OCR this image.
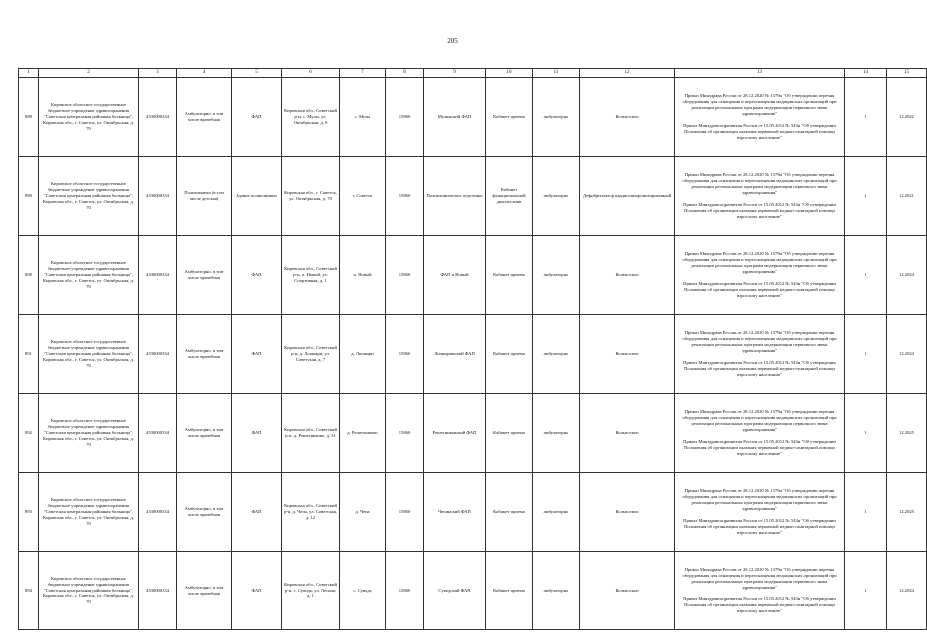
205
1	2	3	4	5	6	7	8	9	10	11	12	13	14	15
888	Кировское областное государственное бюджетное учреждение здравоохранения "Советская центральная районная больница", Кировская обл., г. Советск, ул. Октябрьская, д. 70	4330000334	Амбулаторно, в том числе врачебная	ФАП	Кировская обл., Советский р-н, с. Мулы, ул. Октябрьская, д. 8	с. Мулы	15860	Мулинский ФАП	Кабинет приема	амбулаторно	Кольпоскоп	Приказ Минздрава России от 28.12.2020 № 1379н "Об утверждении перечня оборудования для оснащения и переоснащения медицинских организаций при реализации региональных программ модернизации первичного звена здравоохранения"
Приказ Минздравсоцразвития России от 15.05.2012 № 543н "Об утверждении Положения об организации оказания первичной медико-санитарной помощи взрослому населению"	1	12.2022
889	Кировское областное государственное бюджетное учреждение здравоохранения "Советская центральная районная больница", Кировская обл., г. Советск, ул. Октябрьская, д. 70	4330000334	Поликлиника (в том числе детская)	Здание поликлиники	Кировская обл., г. Советск, ул. Октябрьская, д. 70	г. Советск	15860	Поликлиническое отделение	Кабинет функциональной диагностики	амбулаторно	Дефибриллятор кардиосинхронизированный	Приказ Минздрава России от 28.12.2020 № 1379н "Об утверждении перечня оборудования для оснащения и переоснащения медицинских организаций при реализации региональных программ модернизации первичного звена здравоохранения"
Приказ Минздравсоцразвития России от 15.05.2012 № 543н "Об утверждении Положения об организации оказания первичной медико-санитарной помощи взрослому населению"	1	12.2021
890	Кировское областное государственное бюджетное учреждение здравоохранения "Советская центральная районная больница", Кировская обл., г. Советск, ул. Октябрьская, д. 70	4330000334	Амбулаторно, в том числе врачебная	ФАП	Кировская обл., Советский р-н, п. Новый, ул. Спортивная, д. 1	п. Новый	15860	ФАП п.Новый	Кабинет приема	амбулаторно	Кольпоскоп	Приказ Минздрава России от 28.12.2020 № 1379н "Об утверждении перечня оборудования для оснащения и переоснащения медицинских организаций при реализации региональных программ модернизации первичного звена здравоохранения"
Приказ Минздравсоцразвития России от 15.05.2012 № 543н "Об утверждении Положения об организации оказания первичной медико-санитарной помощи взрослому населению"	1	12.2024
891	Кировское областное государственное бюджетное учреждение здравоохранения "Советская центральная районная больница", Кировская обл., г. Советск, ул. Октябрьская, д. 70	4330000334	Амбулаторно, в том числе врачебная	ФАП	Кировская обл., Советский р-н, д. Лошкари, ул. Советская, д. 7	д. Лошкари	15860	Лошкаринский ФАП	Кабинет приема	амбулаторно	Кольпоскоп	Приказ Минздрава России от 28.12.2020 № 1379н "Об утверждении перечня оборудования для оснащения и переоснащения медицинских организаций при реализации региональных программ модернизации первичного звена здравоохранения"
Приказ Минздравсоцразвития России от 15.05.2012 № 543н "Об утверждении Положения об организации оказания первичной медико-санитарной помощи взрослому населению"	1	12.2024
892	Кировское областное государственное бюджетное учреждение здравоохранения "Советская центральная районная больница", Кировская обл., г. Советск, ул. Октябрьская, д. 70	4330000334	Амбулаторно, в том числе врачебная	ФАП	Кировская обл., Советский р-н, д. Решетниково, д. 31	д. Решетниково	15860	Решетниковский ФАП	Кабинет приема	амбулаторно	Кольпоскоп	Приказ Минздрава России от 28.12.2020 № 1379н "Об утверждении перечня оборудования для оснащения и переоснащения медицинских организаций при реализации региональных программ модернизации первичного звена здравоохранения"
Приказ Минздравсоцразвития России от 15.05.2012 № 543н "Об утверждении Положения об организации оказания первичной медико-санитарной помощи взрослому населению"	1	12.2025
893	Кировское областное государственное бюджетное учреждение здравоохранения "Советская центральная районная больница", Кировская обл., г. Советск, ул. Октябрьская, д. 70	4330000334	Амбулаторно, в том числе врачебная	ФАП	Кировская обл., Советский р-н, д. Чепа, ул. Советская, д. 12	д. Чепа	15860	Чепинский ФАП	Кабинет приема	амбулаторно	Кольпоскоп	Приказ Минздрава России от 28.12.2020 № 1379н "Об утверждении перечня оборудования для оснащения и переоснащения медицинских организаций при реализации региональных программ модернизации первичного звена здравоохранения"
Приказ Минздравсоцразвития России от 15.05.2012 № 543н "Об утверждении Положения об организации оказания первичной медико-санитарной помощи взрослому населению"	1	12.2025
894	Кировское областное государственное бюджетное учреждение здравоохранения "Советская центральная районная больница", Кировская обл., г. Советск, ул. Октябрьская, д. 70	4330000334	Амбулаторно, в том числе врачебная	ФАП	Кировская обл., Советский р-н, с. Суводь, ул. Лесная, д. 1	с. Суводь	15860	Суводский ФАП	Кабинет приема	амбулаторно	Кольпоскоп	Приказ Минздрава России от 28.12.2020 № 1379н "Об утверждении перечня оборудования для оснащения и переоснащения медицинских организаций при реализации региональных программ модернизации первичного звена здравоохранения"
Приказ Минздравсоцразвития России от 15.05.2012 № 543н "Об утверждении Положения об организации оказания первичной медико-санитарной помощи взрослому населению"	1	12.2024
